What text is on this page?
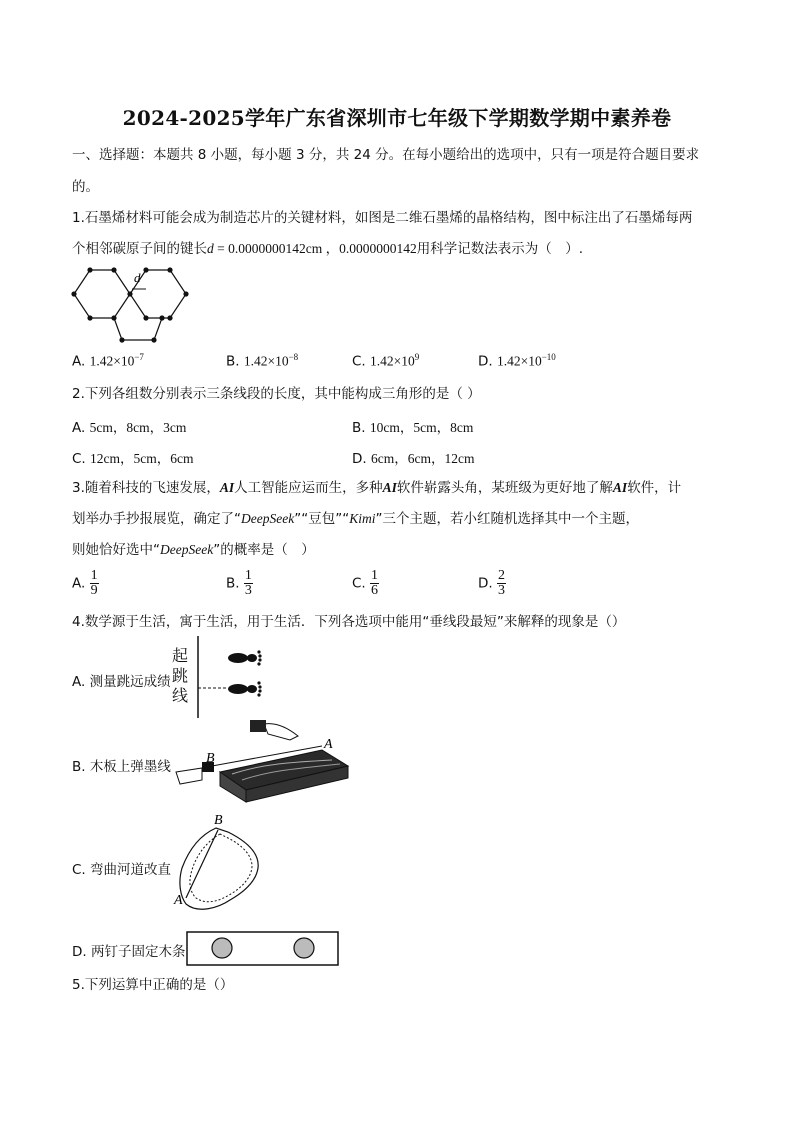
2024-2025学年广东省深圳市七年级下学期数学期中素养卷
一、选择题：本题共 8 小题，每小题 3 分，共 24 分。在每小题给出的选项中，只有一项是符合题目要求
的。
1.石墨烯材料可能会成为制造芯片的关键材料，如图是二维石墨烯的晶格结构，图中标注出了石墨烯每两
个相邻碳原子间的键长d = 0.0000000142cm ，0.0000000142用科学记数法表示为（　）.
d
A. $1.42\times 10^{-7}$	B. $1.42\times 10^{-8}$	C. $1.42\times 10^9$	D. $1.42\times 10^{-10}$
2.下列各组数分别表示三条线段的长度，其中能构成三角形的是（ ）
A. 5cm，8cm，3cm	B. 10cm，5cm，8cm
C. 12cm，5cm，6cm	D. 6cm，6cm，12cm
3.随着科技的飞速发展，AI人工智能应运而生，多种AI软件崭露头角，某班级为更好地了解AI软件，计
划举办手抄报展览，确定了“DeepSeek”“豆包”“Kimi”三个主题，若小红随机选择其中一个主题，
则她恰好选中“DeepSeek”的概率是（　）
A. $\frac{1}{9}$	B. $\frac{1}{3}$	C. $\frac{1}{6}$	D. $\frac{2}{3}$
4.数学源于生活，寓于生活，用于生活．下列各选项中能用“垂线段最短”来解释的现象是（）
A. 测量跳远成绩
起
跳
线
B. 木板上弹墨线
B
A
C. 弯曲河道改直
B
A
D. 两钉子固定木条
5.下列运算中正确的是（）
